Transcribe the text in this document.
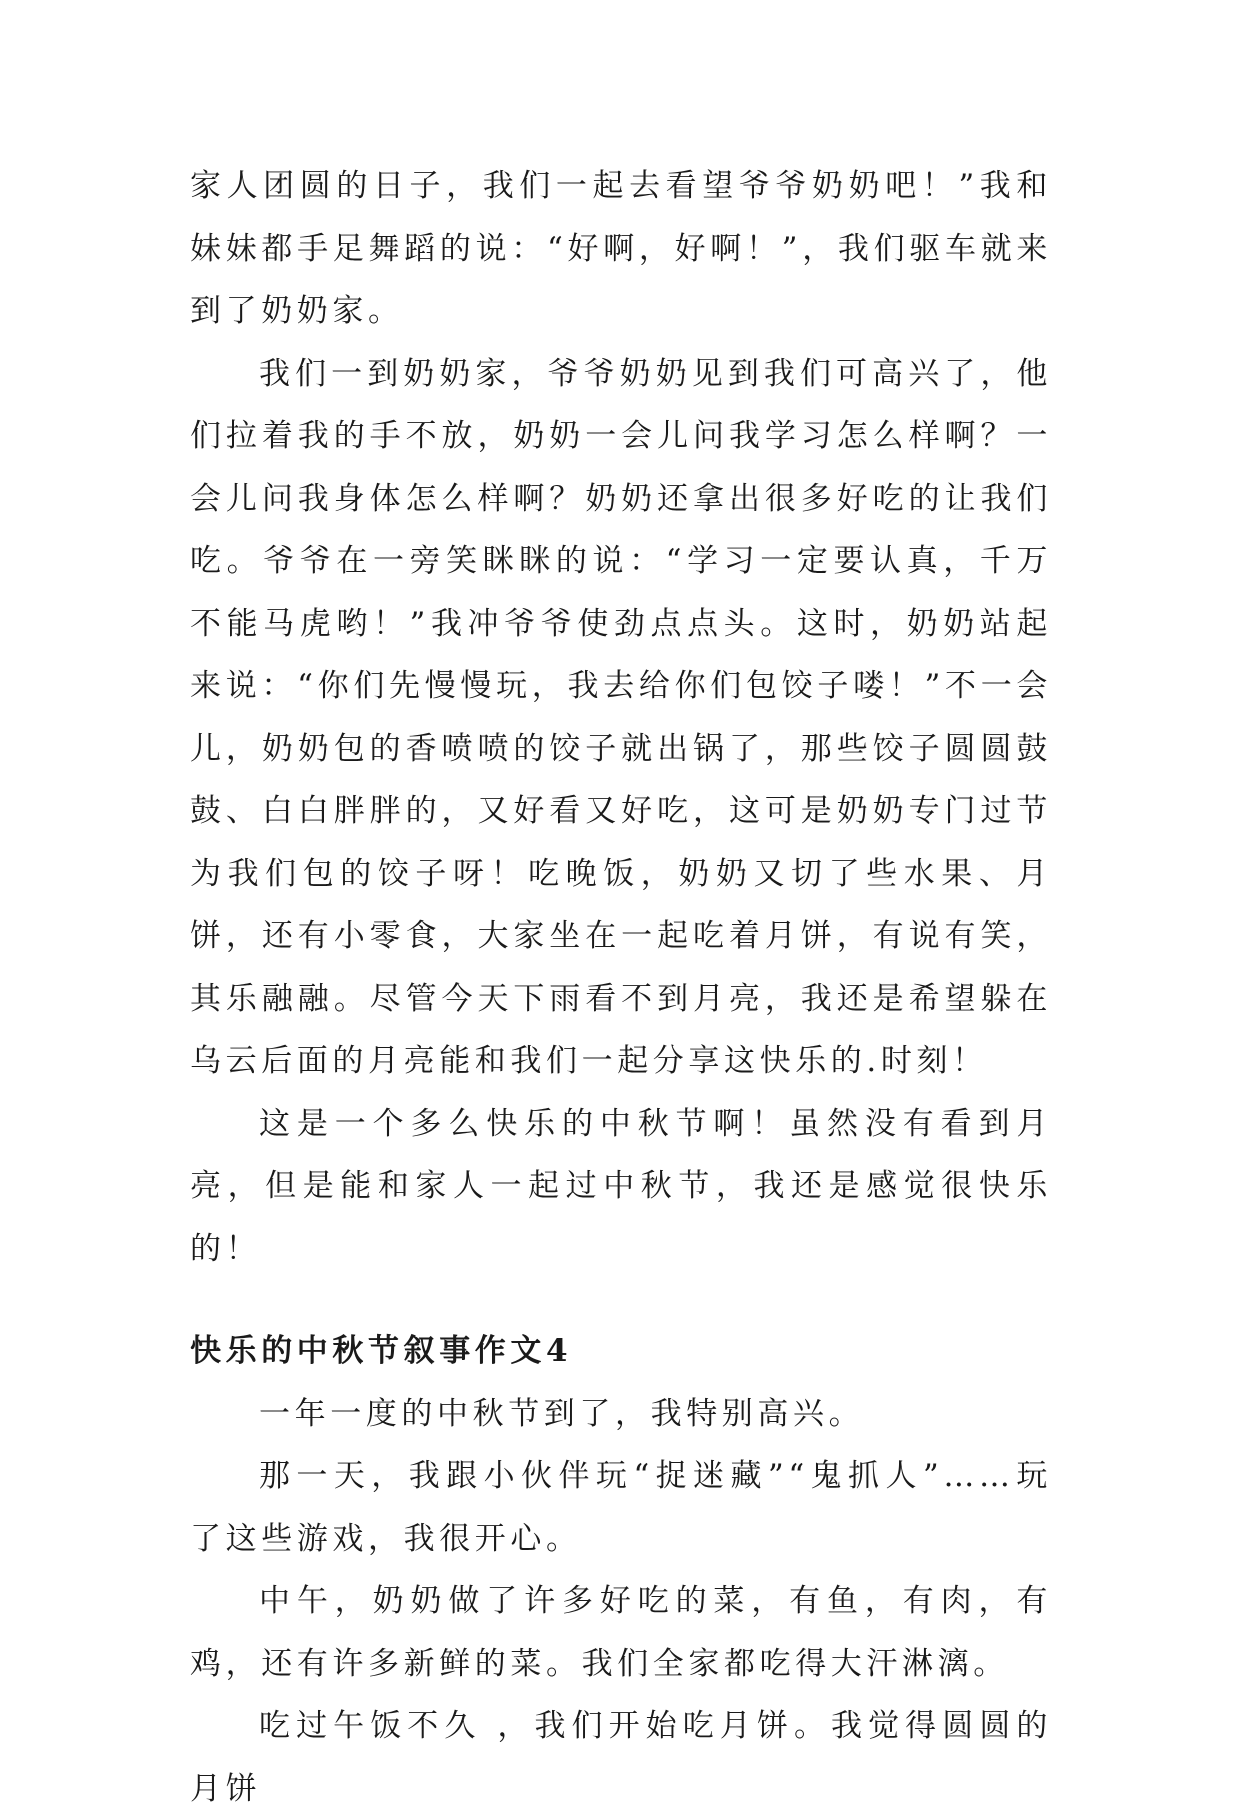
家人团圆的日子，我们一起去看望爷爷奶奶吧！”我和妹妹都手足舞蹈的说：“好啊，好啊！”，我们驱车就来到了奶奶家。

我们一到奶奶家，爷爷奶奶见到我们可高兴了，他们拉着我的手不放，奶奶一会儿问我学习怎么样啊？一会儿问我身体怎么样啊？奶奶还拿出很多好吃的让我们吃。爷爷在一旁笑眯眯的说：“学习一定要认真，千万不能马虎哟！”我冲爷爷使劲点点头。这时，奶奶站起来说：“你们先慢慢玩，我去给你们包饺子喽！”不一会儿，奶奶包的香喷喷的饺子就出锅了，那些饺子圆圆鼓鼓、白白胖胖的，又好看又好吃，这可是奶奶专门过节为我们包的饺子呀！吃晚饭，奶奶又切了些水果、月饼，还有小零食，大家坐在一起吃着月饼，有说有笑，其乐融融。尽管今天下雨看不到月亮，我还是希望躲在乌云后面的月亮能和我们一起分享这快乐的.时刻！

这是一个多么快乐的中秋节啊！虽然没有看到月亮，但是能和家人一起过中秋节，我还是感觉很快乐的！

快乐的中秋节叙事作文4

一年一度的中秋节到了，我特别高兴。

那一天，我跟小伙伴玩“捉迷藏”“鬼抓人”……玩了这些游戏，我很开心。

中午，奶奶做了许多好吃的菜，有鱼，有肉，有鸡，还有许多新鲜的菜。我们全家都吃得大汗淋漓。

吃过午饭不久 ，我们开始吃月饼。我觉得圆圆的月饼
